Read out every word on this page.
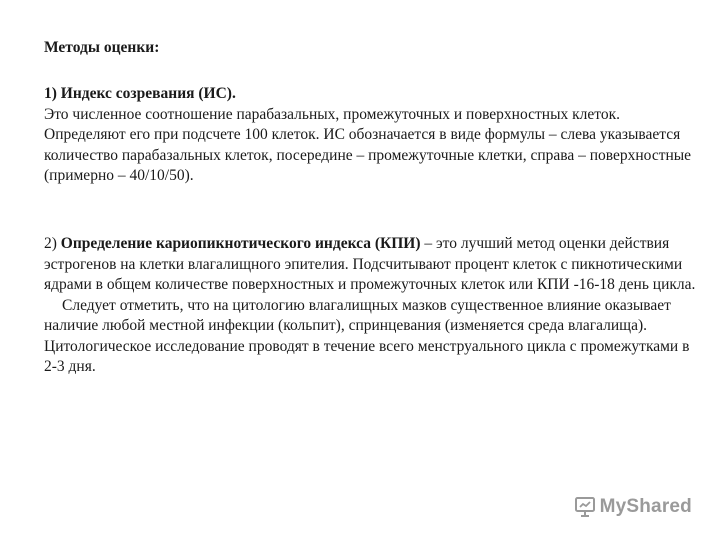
Методы оценки:

1) Индекс созревания (ИС).

Это численное соотношение парабазальных, промежуточных и поверхностных клеток. Определяют его при подсчете 100 клеток. ИС обозначается в виде формулы – слева указывается количество парабазальных клеток, посередине – промежуточные клетки, справа – поверхностные (примерно – 40/10/50).

2) Определение кариопикнотического индекса (КПИ) – это лучший метод оценки действия эстрогенов на клетки влагалищного эпителия. Подсчитывают процент клеток с пикнотическими ядрами в общем количестве поверхностных и промежуточных клеток или КПИ -16-18 день цикла.

Следует отметить, что на цитологию влагалищных мазков существенное влияние оказывает наличие любой местной инфекции (кольпит), спринцевания (изменяется среда влагалища). Цитологическое исследование проводят в течение всего менструального цикла с промежутками в 2-3 дня.

MyShared
